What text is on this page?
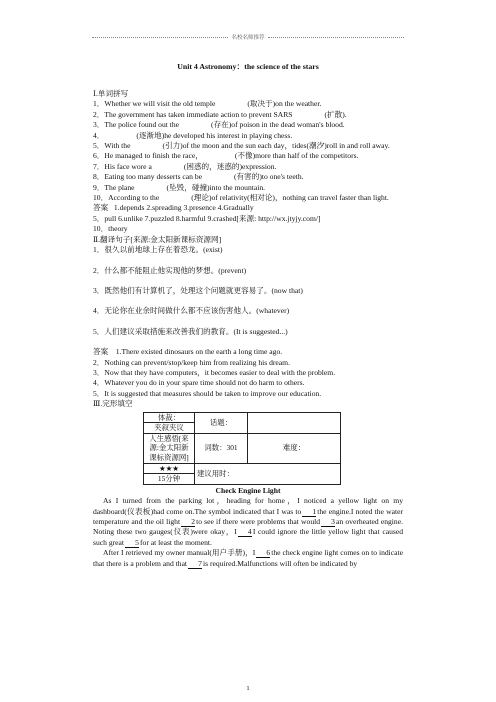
名校名师推荐
Unit 4 Astronomy：the science of the stars
Ⅰ.单词拼写
1．Whether we will visit the old temple	(取决于)on the weather.
2．The government has taken immediate action to prevent SARS	(扩散).
3．The police found out the	(存在)of poison in the dead woman's blood.
4．	(逐渐地)he developed his interest in playing chess.
5．With the	(引力)of the moon and the sun each day，tides(潮汐)roll in and roll away.
6．He managed to finish the race，	(不像)more than half of the competitors.
7．His face wore a	(困惑的，迷惑的)expression.
8．Eating too many desserts can be	(有害的)to one's teeth.
9．The plane	(坠毁，碰撞)into the mountain.
10．According to the	(理论)of relativity(相对论)，nothing can travel faster than light.
答案 1.depends 2.spreading 3.presence 4.Gradually
5．pull 6.unlike 7.puzzled 8.harmful 9.crashed[来源: http://wx.jtyjy.com/]
10．theory
Ⅱ.翻译句子[来源:金太阳新课标资源网]
1．很久以前地球上存在着恐龙。(exist)
2．什么都不能阻止他实现他的梦想。(prevent)
3．既然他们有计算机了，处理这个问题就更容易了。(now that)
4．无论你在业余时间做什么都不应该伤害他人。(whatever)
5．人们建议采取措施来改善我们的教育。(It is suggested...)
答案 1.There existed dinosaurs on the earth a long time ago.
2．Nothing can prevent/stop/keep him from realizing his dream.
3．Now that they have computers，it becomes easier to deal with the problem.
4．Whatever you do in your spare time should not do harm to others.
5．It is suggested that measures should be taken to improve our education.
Ⅲ.完形填空
体裁：	话题：	
夹叙夹议		
人生感悟[来源:金太阳新课标资源网]	词数：301	难度：
★★★	建议用时：	
15分钟		
Check Engine Light
As I turned from the parking lot，heading for home，I noticed a yellow light on my dashboard(仪表板)had come on.The symbol indicated that I was to 1the engine.I noted the water temperature and the oil light 2to see if there were problems that would 3an overheated engine. Noting these two gauges(仪表)were okay，I 4I could ignore the little yellow light that caused such great 5for at least the moment.
After I retrieved my owner manual(用户手册)，I 6the check engine light comes on to indicate that there is a problem and that 7is required.Malfunctions will often be indicated by
1
